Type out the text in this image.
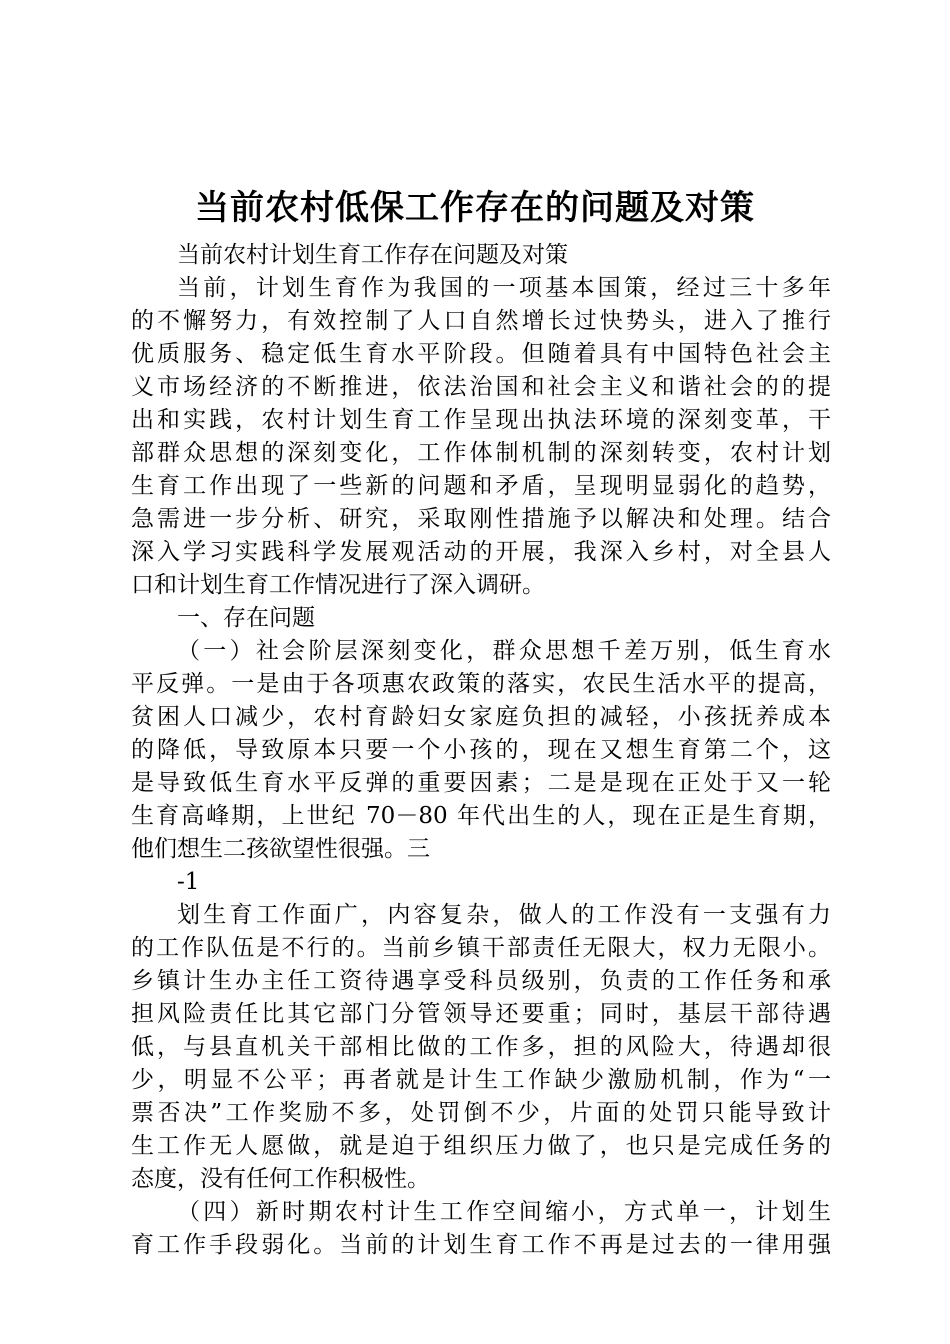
当前农村低保工作存在的问题及对策
当前农村计划生育工作存在问题及对策
当前，计划生育作为我国的一项基本国策，经过三十多年
的不懈努力，有效控制了人口自然增长过快势头，进入了推行
优质服务、稳定低生育水平阶段。但随着具有中国特色社会主
义市场经济的不断推进，依法治国和社会主义和谐社会的的提
出和实践，农村计划生育工作呈现出执法环境的深刻变革，干
部群众思想的深刻变化，工作体制机制的深刻转变，农村计划
生育工作出现了一些新的问题和矛盾，呈现明显弱化的趋势，
急需进一步分析、研究，采取刚性措施予以解决和处理。结合
深入学习实践科学发展观活动的开展，我深入乡村，对全县人
口和计划生育工作情况进行了深入调研。
一、存在问题
（一）社会阶层深刻变化，群众思想千差万别，低生育水
平反弹。一是由于各项惠农政策的落实，农民生活水平的提高，
贫困人口减少，农村育龄妇女家庭负担的减轻，小孩抚养成本
的降低，导致原本只要一个小孩的，现在又想生育第二个，这
是导致低生育水平反弹的重要因素；二是是现在正处于又一轮
生育高峰期，上世纪 70－80 年代出生的人，现在正是生育期，
他们想生二孩欲望性很强。三
-1
划生育工作面广，内容复杂，做人的工作没有一支强有力
的工作队伍是不行的。当前乡镇干部责任无限大，权力无限小。
乡镇计生办主任工资待遇享受科员级别，负责的工作任务和承
担风险责任比其它部门分管领导还要重；同时，基层干部待遇
低，与县直机关干部相比做的工作多，担的风险大，待遇却很
少，明显不公平；再者就是计生工作缺少激励机制，作为“一
票否决”工作奖励不多，处罚倒不少，片面的处罚只能导致计
生工作无人愿做，就是迫于组织压力做了，也只是完成任务的
态度，没有任何工作积极性。
（四）新时期农村计生工作空间缩小，方式单一，计划生
育工作手段弱化。当前的计划生育工作不再是过去的一律用强
